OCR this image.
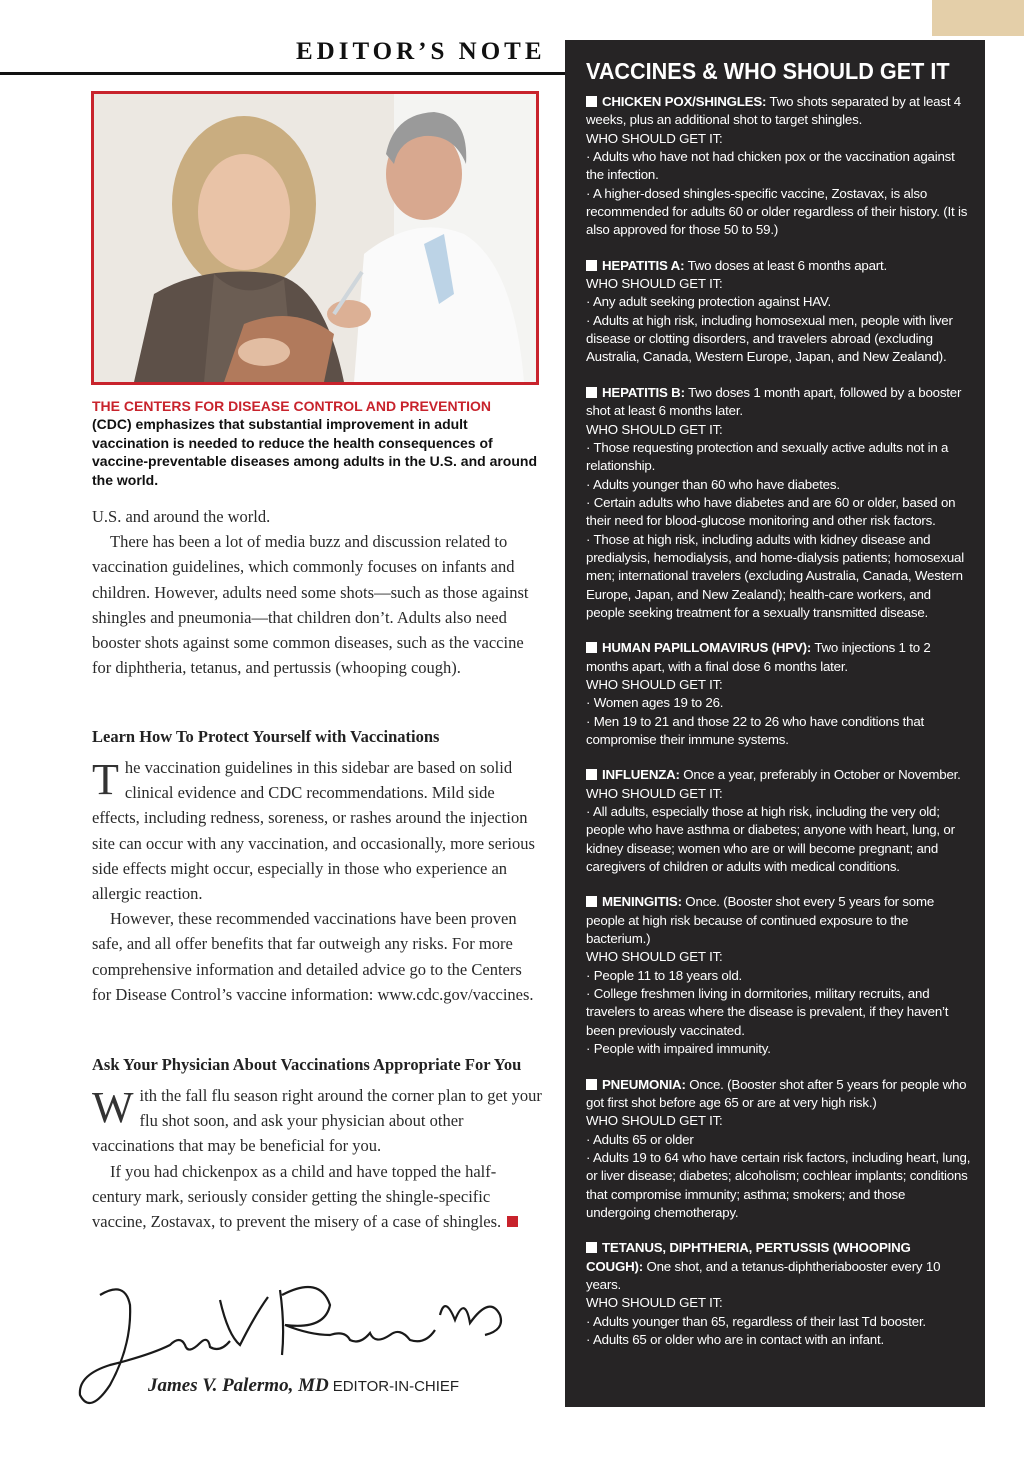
EDITOR’S NOTE

THE CENTERS FOR DISEASE CONTROL AND PREVENTION
(CDC) emphasizes that substantial improvement in adult vaccination is needed to reduce the health consequences of vaccine-preventable diseases among adults in the U.S. and around the world.

U.S. and around the world.

There has been a lot of media buzz and discussion related to vaccination guidelines, which commonly focuses on infants and children. However, adults need some shots—such as those against shingles and pneumonia—that children don’t. Adults also need booster shots against some common diseases, such as the vaccine for diphtheria, tetanus, and pertussis (whooping cough).

Learn How To Protect Yourself with Vaccinations

The vaccination guidelines in this sidebar are based on solid clinical evidence and CDC recommendations. Mild side effects, including redness, soreness, or rashes around the injection site can occur with any vaccination, and occasionally, more serious side effects might occur, especially in those who experience an allergic reaction.

However, these recommended vaccinations have been proven safe, and all offer benefits that far outweigh any risks. For more comprehensive information and detailed advice go to the Centers for Disease Control’s vaccine information: www.cdc.gov/vaccines.

Ask Your Physician About Vaccinations Appropriate For You

With the fall flu season right around the corner plan to get your flu shot soon, and ask your physician about other vaccinations that may be beneficial for you.

If you had chickenpox as a child and have topped the half-century mark, seriously consider getting the shingle-specific vaccine, Zostavax, to prevent the misery of a case of shingles.

James V. Palermo, MD EDITOR-IN-CHIEF
VACCINES & WHO SHOULD GET IT
CHICKEN POX/SHINGLES: Two shots separated by at least 4 weeks, plus an additional shot to target shingles.
WHO SHOULD GET IT:
· Adults who have not had chicken pox or the vaccination against the infection.
· A higher-dosed shingles-specific vaccine, Zostavax, is also recommended for adults 60 or older regardless of their history. (It is also approved for those 50 to 59.)
HEPATITIS A: Two doses at least 6 months apart.
WHO SHOULD GET IT:
· Any adult seeking protection against HAV.
· Adults at high risk, including homosexual men, people with liver disease or clotting disorders, and travelers abroad (excluding Australia, Canada, Western Europe, Japan, and New Zealand).
HEPATITIS B: Two doses 1 month apart, followed by a booster shot at least 6 months later.
WHO SHOULD GET IT:
· Those requesting protection and sexually active adults not in a relationship.
· Adults younger than 60 who have diabetes.
· Certain adults who have diabetes and are 60 or older, based on their need for blood-glucose monitoring and other risk factors.
· Those at high risk, including adults with kidney disease and predialysis, hemodialysis, and home-dialysis patients; homosexual men; international travelers (excluding Australia, Canada, Western Europe, Japan, and New Zealand); health-care workers, and people seeking treatment for a sexually transmitted disease.
HUMAN PAPILLOMAVIRUS (HPV): Two injections 1 to 2 months apart, with a final dose 6 months later.
WHO SHOULD GET IT:
· Women ages 19 to 26.
· Men 19 to 21 and those 22 to 26 who have conditions that compromise their immune systems.
INFLUENZA: Once a year, preferably in October or November.
WHO SHOULD GET IT:
· All adults, especially those at high risk, including the very old; people who have asthma or diabetes; anyone with heart, lung, or kidney disease; women who are or will become pregnant; and caregivers of children or adults with medical conditions.
MENINGITIS: Once. (Booster shot every 5 years for some people at high risk because of continued exposure to the bacterium.)
WHO SHOULD GET IT:
· People 11 to 18 years old.
· College freshmen living in dormitories, military recruits, and travelers to areas where the disease is prevalent, if they haven’t been previously vaccinated.
· People with impaired immunity.
PNEUMONIA: Once. (Booster shot after 5 years for people who got first shot before age 65 or are at very high risk.)
WHO SHOULD GET IT:
· Adults 65 or older
· Adults 19 to 64 who have certain risk factors, including heart, lung, or liver disease; diabetes; alcoholism; cochlear implants; conditions that compromise immunity; asthma; smokers; and those undergoing chemotherapy.
TETANUS, DIPHTHERIA, PERTUSSIS (WHOOPING COUGH): One shot, and a tetanus-diphtheriabooster every 10 years.
WHO SHOULD GET IT:
· Adults younger than 65, regardless of their last Td booster.
· Adults 65 or older who are in contact with an infant.
